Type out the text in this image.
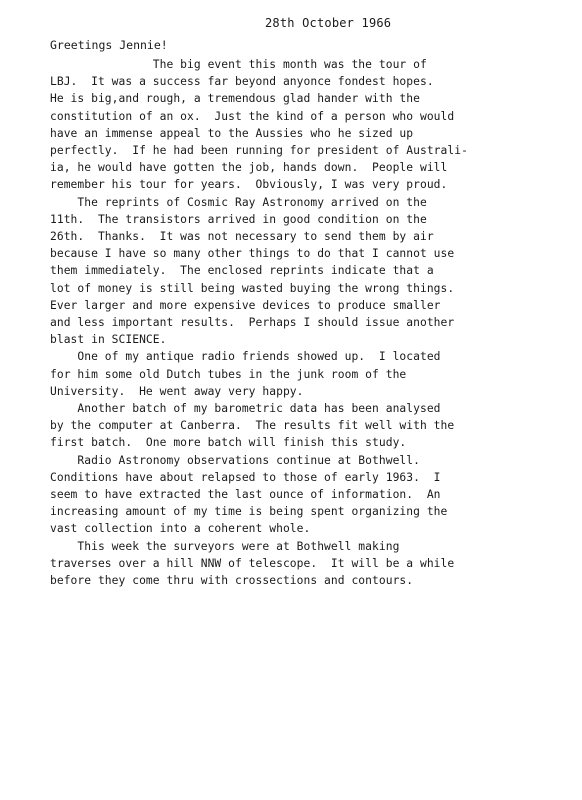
28th October 1966
Greetings Jennie!
The big event this month was the tour of
LBJ.  It was a success far beyond anyonce fondest hopes.
He is big,and rough, a tremendous glad hander with the
constitution of an ox.  Just the kind of a person who would
have an immense appeal to the Aussies who he sized up
perfectly.  If he had been running for president of Australi-
ia, he would have gotten the job, hands down.  People will
remember his tour for years.  Obviously, I was very proud.
The reprints of Cosmic Ray Astronomy arrived on the
11th.  The transistors arrived in good condition on the
26th.  Thanks.  It was not necessary to send them by air
because I have so many other things to do that I cannot use
them immediately.  The enclosed reprints indicate that a
lot of money is still being wasted buying the wrong things.
Ever larger and more expensive devices to produce smaller
and less important results.  Perhaps I should issue another
blast in SCIENCE.
One of my antique radio friends showed up.  I located
for him some old Dutch tubes in the junk room of the
University.  He went away very happy.
Another batch of my barometric data has been analysed
by the computer at Canberra.  The results fit well with the
first batch.  One more batch will finish this study.
Radio Astronomy observations continue at Bothwell.
Conditions have about relapsed to those of early 1963.  I
seem to have extracted the last ounce of information.  An
increasing amount of my time is being spent organizing the
vast collection into a coherent whole.
This week the surveyors were at Bothwell making
traverses over a hill NNW of telescope.  It will be a while
before they come thru with crossections and contours.
